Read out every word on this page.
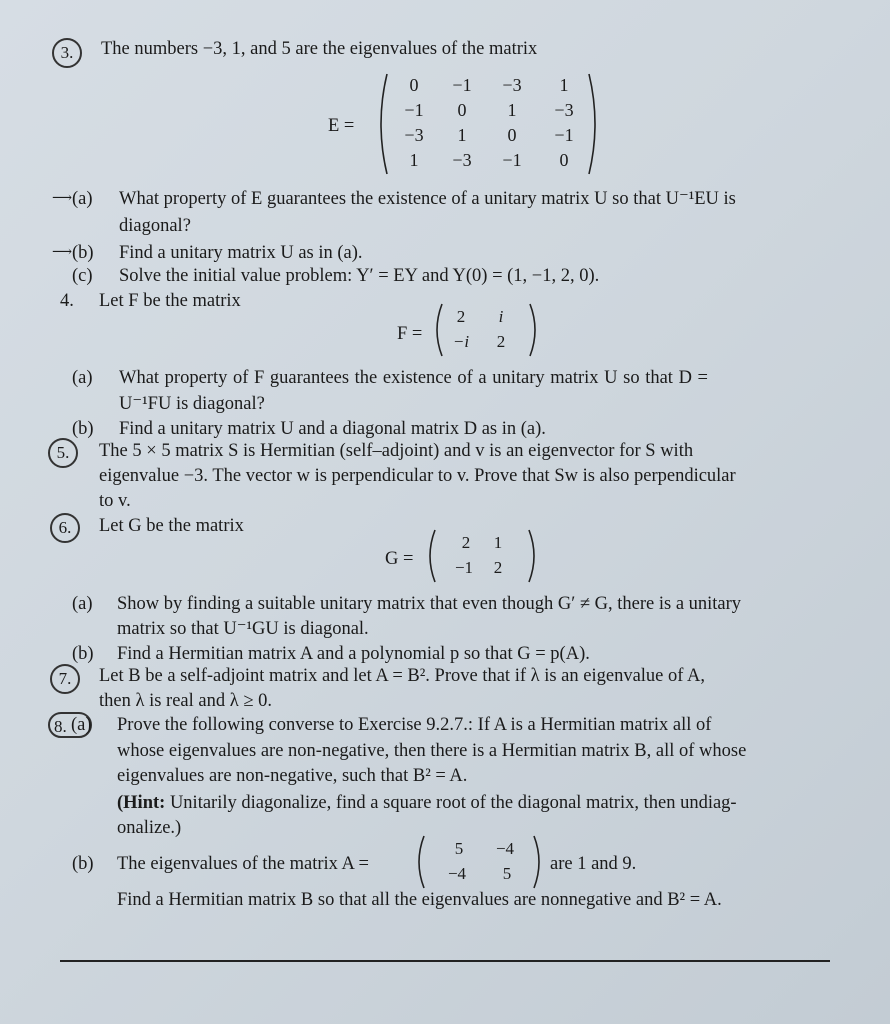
3.	The numbers −3, 1, and 5 are the eigenvalues of the matrix
E =
0	−1	−3	1
−1	0	1	−3
−3	1	0	−1
1	−3	−1	0
⟶ (a) What property of E guarantees the existence of a unitary matrix U so that U⁻¹EU is
diagonal?
⟶ (b) Find a unitary matrix U as in (a).
(c) Solve the initial value problem: Y′ = EY and Y(0) = (1, −1, 2, 0).
4. Let F be the matrix
F =
2	i
−i	2
(a) What property of F guarantees the existence of a unitary matrix U so that D =
U⁻¹FU is diagonal?
(b) Find a unitary matrix U and a diagonal matrix D as in (a).
5.	The 5 × 5 matrix S is Hermitian (self–adjoint) and v is an eigenvector for S with
eigenvalue −3. The vector w is perpendicular to v. Prove that Sw is also perpendicular
to v.
6.	Let G be the matrix
G =
2	1
−1	2
(a) Show by finding a suitable unitary matrix that even though G′ ≠ G, there is a unitary
matrix so that U⁻¹GU is diagonal.
(b) Find a Hermitian matrix A and a polynomial p so that G = p(A).
7.	Let B be a self-adjoint matrix and let A = B². Prove that if λ is an eigenvalue of A,
then λ is real and λ ≥ 0.
8. (a) Prove the following converse to Exercise 9.2.7.: If A is a Hermitian matrix all of
whose eigenvalues are non-negative, then there is a Hermitian matrix B, all of whose
eigenvalues are non-negative, such that B² = A.
(Hint: Unitarily diagonalize, find a square root of the diagonal matrix, then undiag-
onalize.)
(b) The eigenvalues of the matrix A =
5	−4
−4	5	are 1 and 9.
Find a Hermitian matrix B so that all the eigenvalues are nonnegative and B² = A.
